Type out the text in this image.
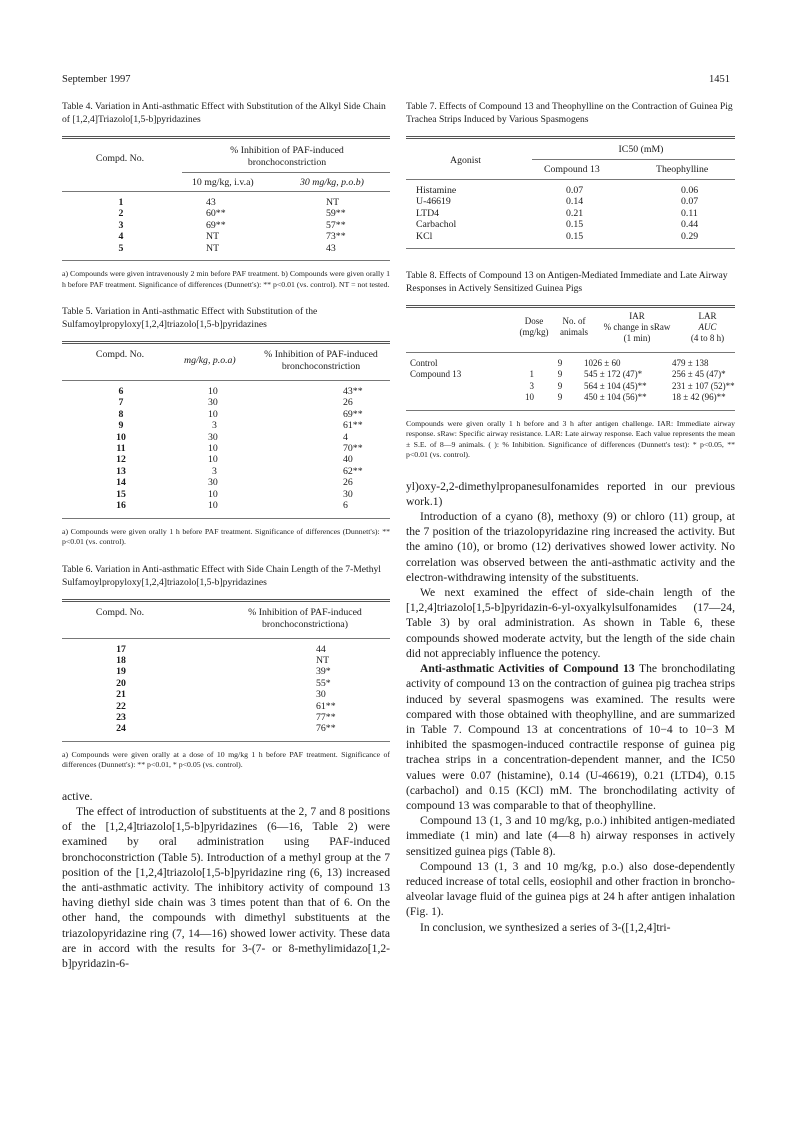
September 1997	1451
Table 4. Variation in Anti-asthmatic Effect with Substitution of the Alkyl Side Chain of [1,2,4]Triazolo[1,5-b]pyridazines
Compd. No.
% Inhibition of PAF-induced bronchoconstriction
10 mg/kg, i.v.a)	30 mg/kg, p.o.b)
1	43	NT
2	60**	59**
3	69**	57**
4	NT	73**
5	NT	43
a) Compounds were given intravenously 2 min before PAF treatment. b) Compounds were given orally 1 h before PAF treatment. Significance of differences (Dunnett's): ** p<0.01 (vs. control). NT = not tested.
Table 5. Variation in Anti-asthmatic Effect with Substitution of the Sulfamoylpropyloxy[1,2,4]triazolo[1,5-b]pyridazines
Compd. No.
mg/kg, p.o.a)
% Inhibition of PAF-induced bronchoconstriction
6	10	43**
7	30	26
8	10	69**
9	3	61**
10	30	4
11	10	70**
12	10	40
13	3	62**
14	30	26
15	10	30
16	10	6
a) Compounds were given orally 1 h before PAF treatment. Significance of differences (Dunnett's): ** p<0.01 (vs. control).
Table 6. Variation in Anti-asthmatic Effect with Side Chain Length of the 7-Methyl Sulfamoylpropyloxy[1,2,4]triazolo[1,5-b]pyridazines
Compd. No.	% Inhibition of PAF-induced bronchoconstrictiona)
17	44
18	NT
19	39*
20	55*
21	30
22	61**
23	77**
24	76**
a) Compounds were given orally at a dose of 10 mg/kg 1 h before PAF treatment. Significance of differences (Dunnett's): ** p<0.01, * p<0.05 (vs. control).

active.

The effect of introduction of substituents at the 2, 7 and 8 positions of the [1,2,4]triazolo[1,5-b]pyridazines (6—16, Table 2) were examined by oral administration using PAF-induced bronchoconstriction (Table 5). Introduction of a methyl group at the 7 position of the [1,2,4]triazolo[1,5-b]pyridazine ring (6, 13) increased the anti-asthmatic activity. The inhibitory activity of compound 13 having diethyl side chain was 3 times potent than that of 6. On the other hand, the compounds with dimethyl substituents at the triazolopyridazine ring (7, 14—16) showed lower activity. These data are in accord with the results for 3-(7- or 8-methylimidazo[1,2-b]pyridazin-6-

Table 7. Effects of Compound 13 and Theophylline on the Contraction of Guinea Pig Trachea Strips Induced by Various Spasmogens
Agonist
IC50 (mM)
Compound 13	Theophylline
Histamine	0.07	0.06
U-46619	0.14	0.07
LTD4	0.21	0.11
Carbachol	0.15	0.44
KCl	0.15	0.29
Table 8. Effects of Compound 13 on Antigen-Mediated Immediate and Late Airway Responses in Actively Sensitized Guinea Pigs
Dose (mg/kg)
No. of animals
IAR
% change in sRaw
(1 min)
LAR
AUC
(4 to 8 h)
Control		9	1026 ± 60	479 ± 138
Compound 13	1	9	545 ± 172 (47)*	256 ± 45 (47)*
	3	9	564 ± 104 (45)**	231 ± 107 (52)**
	10	9	450 ± 104 (56)**	18 ± 42 (96)**
Compounds were given orally 1 h before and 3 h after antigen challenge. IAR: Immediate airway response. sRaw: Specific airway resistance. LAR: Late airway response. Each value represents the mean ± S.E. of 8—9 animals. ( ): % Inhibition. Significance of differences (Dunnett's test): * p<0.05, ** p<0.01 (vs. control).

yl)oxy-2,2-dimethylpropanesulfonamides reported in our previous work.1)

Introduction of a cyano (8), methoxy (9) or chloro (11) group, at the 7 position of the triazolopyridazine ring increased the activity. But the amino (10), or bromo (12) derivatives showed lower activity. No correlation was observed between the anti-asthmatic activity and the electron-withdrawing intensity of the substituents.

We next examined the effect of side-chain length of the [1,2,4]triazolo[1,5-b]pyridazin-6-yl-oxyalkylsulfonamides (17—24, Table 3) by oral administration. As shown in Table 6, these compounds showed moderate actvity, but the length of the side chain did not appreciably influence the potency.

Anti-asthmatic Activities of Compound 13 The bronchodilating activity of compound 13 on the contraction of guinea pig trachea strips induced by several spasmogens was examined. The results were compared with those obtained with theophylline, and are summarized in Table 7. Compound 13 at concentrations of 10−4 to 10−3 M inhibited the spasmogen-induced contractile response of guinea pig trachea strips in a concentration-dependent manner, and the IC50 values were 0.07 (histamine), 0.14 (U-46619), 0.21 (LTD4), 0.15 (carbachol) and 0.15 (KCl) mM. The bronchodilating activity of compound 13 was comparable to that of theophylline.

Compound 13 (1, 3 and 10 mg/kg, p.o.) inhibited antigen-mediated immediate (1 min) and late (4—8 h) airway responses in actively sensitized guinea pigs (Table 8).

Compound 13 (1, 3 and 10 mg/kg, p.o.) also dose-dependently reduced increase of total cells, eosiophil and other fraction in broncho-alveolar lavage fluid of the guinea pigs at 24 h after antigen inhalation (Fig. 1).

In conclusion, we synthesized a series of 3-([1,2,4]tri-
